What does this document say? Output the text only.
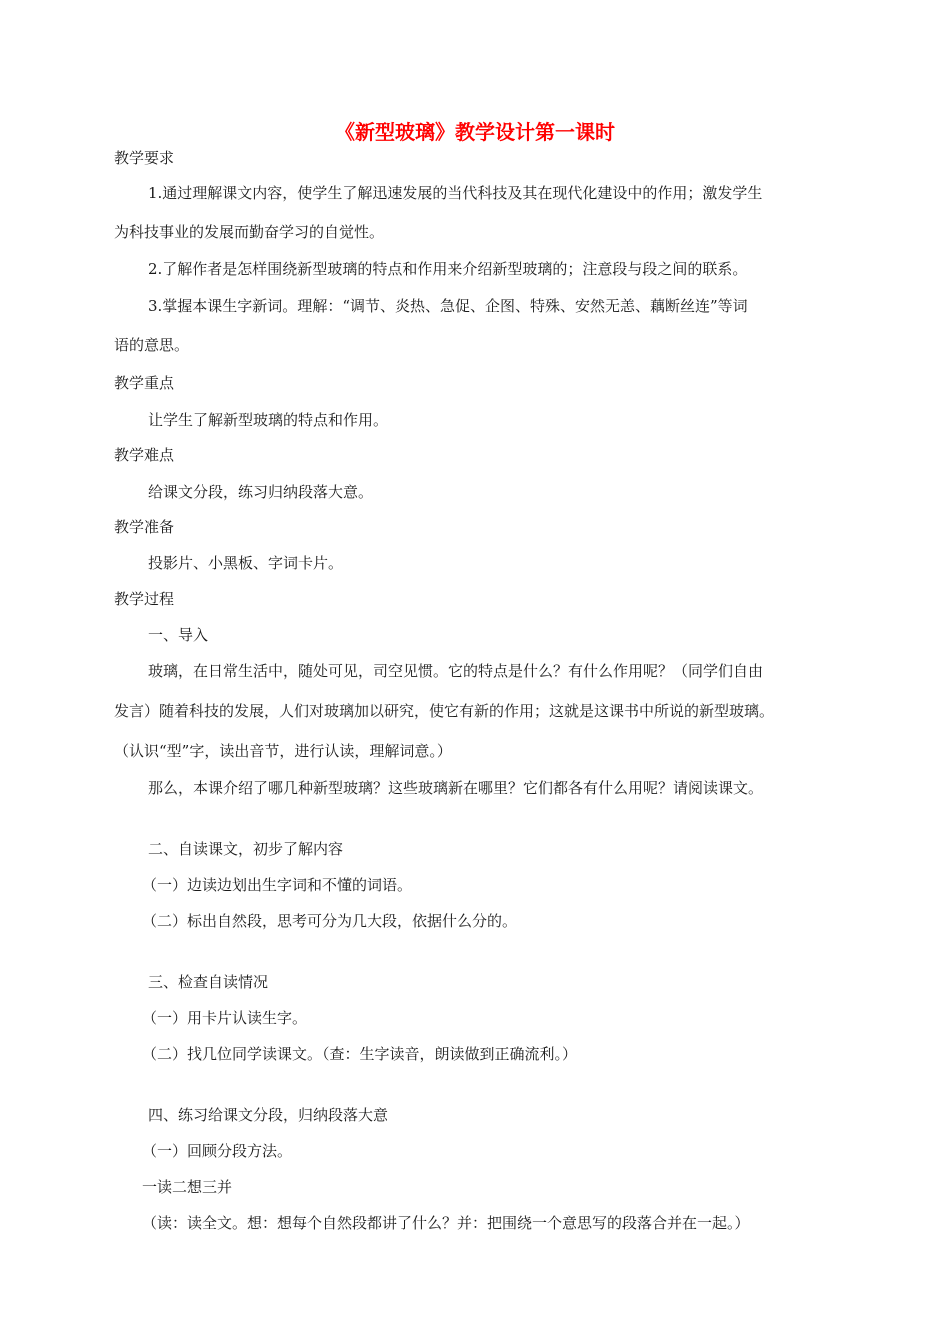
《新型玻璃》教学设计第一课时
教学要求
1.通过理解课文内容，使学生了解迅速发展的当代科技及其在现代化建设中的作用；激发学生
为科技事业的发展而勤奋学习的自觉性。
2.了解作者是怎样围绕新型玻璃的特点和作用来介绍新型玻璃的；注意段与段之间的联系。
3.掌握本课生字新词。理解：“调节、炎热、急促、企图、特殊、安然无恙、藕断丝连”等词
语的意思。
教学重点
让学生了解新型玻璃的特点和作用。
教学难点
给课文分段，练习归纳段落大意。
教学准备
投影片、小黑板、字词卡片。
教学过程
一、导入
玻璃，在日常生活中，随处可见，司空见惯。它的特点是什么？有什么作用呢？（同学们自由
发言）随着科技的发展，人们对玻璃加以研究，使它有新的作用；这就是这课书中所说的新型玻璃。
（认识“型”字，读出音节，进行认读，理解词意。）
那么，本课介绍了哪几种新型玻璃？这些玻璃新在哪里？它们都各有什么用呢？请阅读课文。
二、自读课文，初步了解内容
（一）边读边划出生字词和不懂的词语。
（二）标出自然段，思考可分为几大段，依据什么分的。
三、检查自读情况
（一）用卡片认读生字。
（二）找几位同学读课文。（查：生字读音，朗读做到正确流利。）
四、练习给课文分段，归纳段落大意
（一）回顾分段方法。
一读二想三并
（读：读全文。想：想每个自然段都讲了什么？并：把围绕一个意思写的段落合并在一起。）
